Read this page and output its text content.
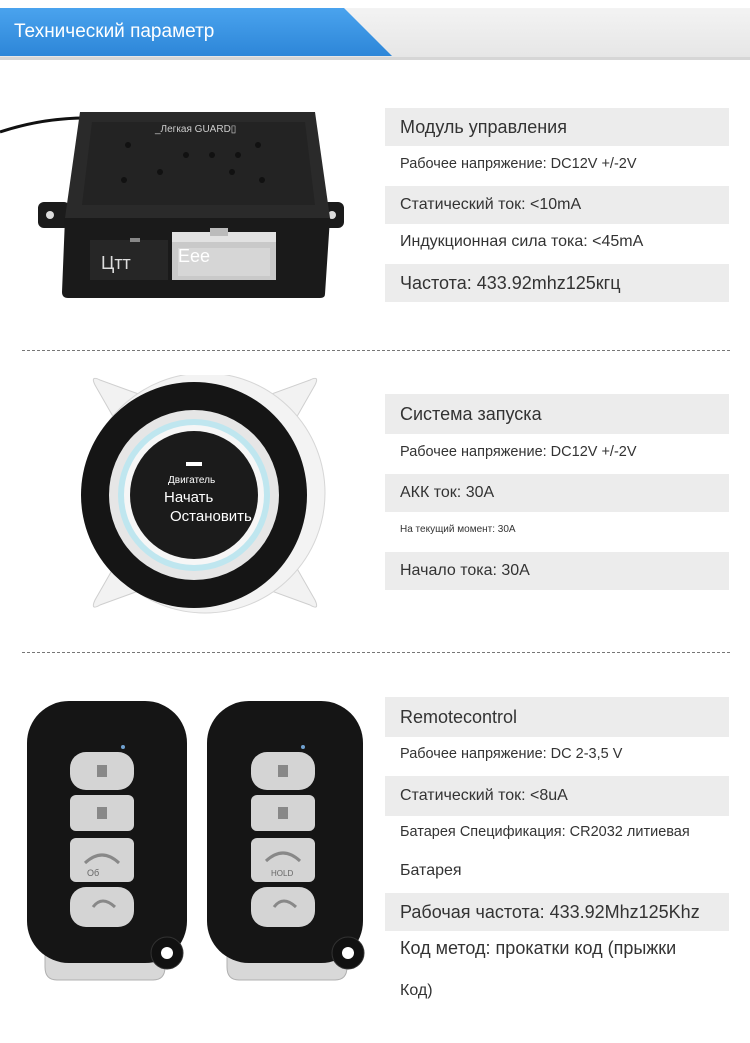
Технический параметр
_Легкая GUARD▯
Цтт	Eee
Модуль управления
Рабочее напряжение: DC12V +/-2V
Статический ток: <10mA
Индукционная сила тока: <45mA
Частота: 433.92mhz125кгц
Двигатель
Начать
Остановить
Система запуска
Рабочее напряжение: DC12V +/-2V
АКК ток: 30A
На текущий момент: 30A
Начало тока: 30A
Об	HOLD
Remotecontrol
Рабочее напряжение: DC 2-3,5 V
Статический ток: <8uA
Батарея Спецификация: CR2032 литиевая
Батарея
Рабочая частота: 433.92Mhz125Khz
Код метод: прокатки код (прыжки
Код)
